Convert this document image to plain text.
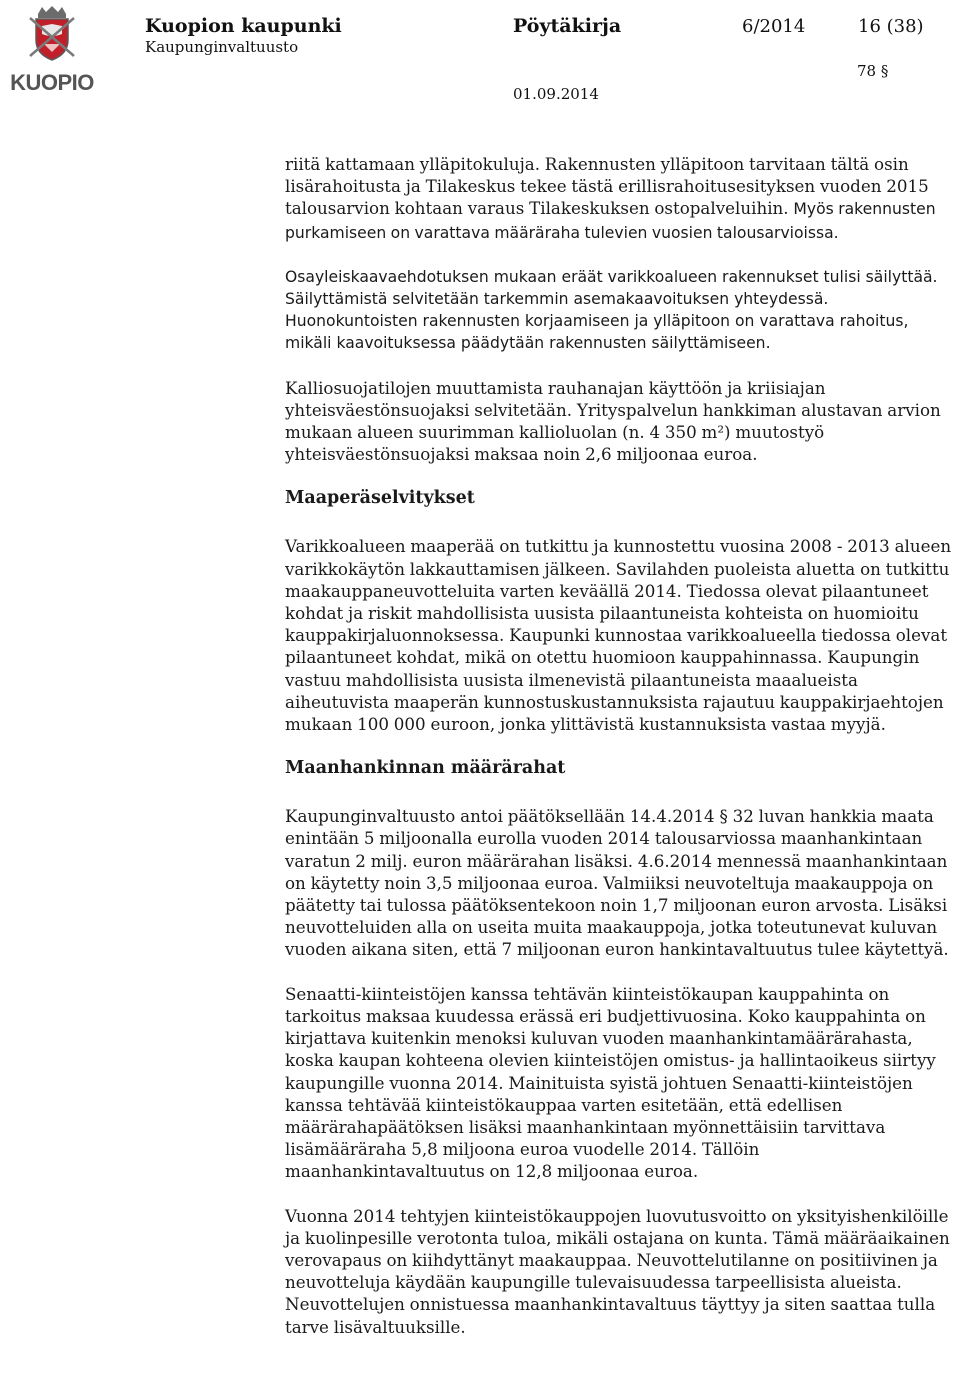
KUOPIO
Kuopion kaupunki
Kaupunginvaltuusto
Pöytäkirja	6/2014	16 (38)
78 §
01.09.2014
riitä kattamaan ylläpitokuluja. Rakennusten ylläpitoon tarvitaan tältä osin lisärahoitusta ja Tilakeskus tekee tästä erillisrahoitusesityksen vuoden 2015 talousarvion kohtaan varaus Tilakeskuksen ostopalveluihin. Myös rakennusten purkamiseen on varattava määräraha tulevien vuosien talousarvioissa.

Osayleiskaavaehdotuksen mukaan eräät varikkoalueen rakennukset tulisi säilyttää. Säilyttämistä selvitetään tarkemmin asemakaavoituksen yhteydessä. Huonokuntoisten rakennusten korjaamiseen ja ylläpitoon on varattava rahoitus, mikäli kaavoituksessa päädytään rakennusten säilyttämiseen.

Kalliosuojatilojen muuttamista rauhanajan käyttöön ja kriisiajan yhteisväestönsuojaksi selvitetään. Yrityspalvelun hankkiman alustavan arvion mukaan alueen suurimman kallioluolan (n. 4 350 m²) muutostyö yhteisväestönsuojaksi maksaa noin 2,6 miljoonaa euroa.

Maaperäselvitykset

Varikkoalueen maaperää on tutkittu ja kunnostettu vuosina 2008 - 2013 alueen varikkokäytön lakkauttamisen jälkeen. Savilahden puoleista aluetta on tutkittu maakauppaneuvotteluita varten keväällä 2014. Tiedossa olevat pilaantuneet kohdat ja riskit mahdollisista uusista pilaantuneista kohteista on huomioitu kauppakirjaluonnoksessa. Kaupunki kunnostaa varikkoalueella tiedossa olevat pilaantuneet kohdat, mikä on otettu huomioon kauppahinnassa. Kaupungin vastuu mahdollisista uusista ilmenevistä pilaantuneista maaalueista aiheutuvista maaperän kunnostuskustannuksista rajautuu kauppakirjaehtojen mukaan 100 000 euroon, jonka ylittävistä kustannuksista vastaa myyjä.

Maanhankinnan määrärahat

Kaupunginvaltuusto antoi päätöksellään 14.4.2014 § 32 luvan hankkia maata enintään 5 miljoonalla eurolla vuoden 2014 talousarviossa maanhankintaan varatun 2 milj. euron määrärahan lisäksi. 4.6.2014 mennessä maanhankintaan on käytetty noin 3,5 miljoonaa euroa. Valmiiksi neuvoteltuja maakauppoja on päätetty tai tulossa päätöksentekoon noin 1,7 miljoonan euron arvosta. Lisäksi neuvotteluiden alla on useita muita maakauppoja, jotka toteutunevat kuluvan vuoden aikana siten, että 7 miljoonan euron hankintavaltuutus tulee käytettyä.

Senaatti-kiinteistöjen kanssa tehtävän kiinteistökaupan kauppahinta on tarkoitus maksaa kuudessa erässä eri budjettivuosina. Koko kauppahinta on kirjattava kuitenkin menoksi kuluvan vuoden maanhankintamäärärahasta, koska kaupan kohteena olevien kiinteistöjen omistus- ja hallintaoikeus siirtyy kaupungille vuonna 2014. Mainituista syistä johtuen Senaatti-kiinteistöjen kanssa tehtävää kiinteistökauppaa varten esitetään, että edellisen määrärahapäätöksen lisäksi maanhankintaan myönnettäisiin tarvittava lisämääräraha 5,8 miljoona euroa vuodelle 2014. Tällöin maanhankintavaltuutus on 12,8 miljoonaa euroa.

Vuonna 2014 tehtyjen kiinteistökauppojen luovutusvoitto on yksityishenkilöille ja kuolinpesille verotonta tuloa, mikäli ostajana on kunta. Tämä määräaikainen verovapaus on kiihdyttänyt maakauppaa. Neuvottelutilanne on positiivinen ja neuvotteluja käydään kaupungille tulevaisuudessa tarpeellisista alueista. Neuvottelujen onnistuessa maanhankintavaltuus täyttyy ja siten saattaa tulla tarve lisävaltuuksille.
